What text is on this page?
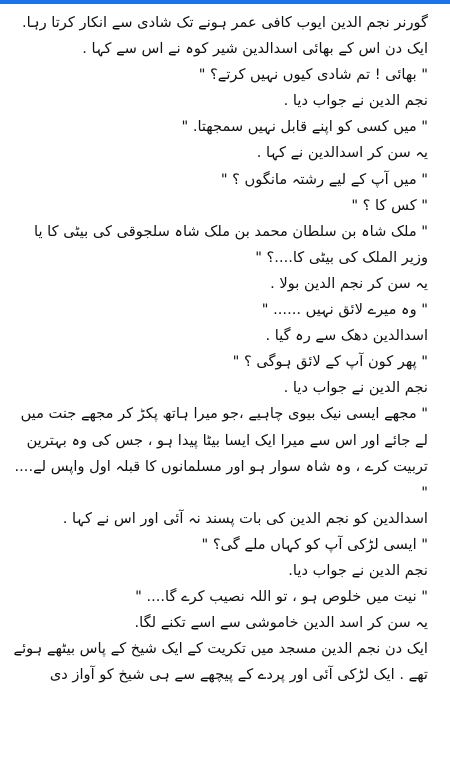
گورنر نجم الدین ایوب کافی عمر ہونے تک شادی سے انکار کرتا رہا.

ایک دن اس کے بھائی اسدالدین شیر کوہ نے اس سے کہا .

" بھائی ! تم شادی کیوں نہیں کرتے؟ "

نجم الدین نے جواب دیا .

" میں کسی کو اپنے قابل نہیں سمجھتا. "

یہ سن کر اسدالدین نے کہا .

" میں آپ کے لیے رشتہ مانگوں ؟ "

" کس کا ؟ "

" ملک شاہ بن سلطان محمد بن ملک شاہ سلجوقی کی بیٹی کا یا وزیر الملک کی بیٹی کا....؟ "

یہ سن کر نجم الدین بولا .

" وہ میرے لائق نہیں ...... "

اسدالدین دھک سے رہ گیا .

" پھر کون آپ کے لائق ہوگی ؟ "

نجم الدین نے جواب دیا .

" مجھے ایسی نیک بیوی چاہیے ،جو میرا ہاتھ پکڑ کر مجھے جنت میں لے جائے اور اس سے میرا ایک ایسا بیٹا پیدا ہو ، جس کی وہ بہترین تربیت کرے ، وہ شاہ سوار ہو اور مسلمانوں کا قبلہ اول واپس لے.... "

اسدالدین کو نجم الدین کی بات پسند نہ آئی اور اس نے کہا .

" ایسی لڑکی آپ کو کہاں ملے گی؟ "

نجم الدین نے جواب دیا.

" نیت میں خلوص ہو ، تو اللہ نصیب کرے گا.... "

یہ سن کر اسد الدین خاموشی سے اسے تکنے لگا.

ایک دن نجم الدین مسجد میں تکریت کے ایک شیخ کے پاس بیٹھے ہوئے تھے . ایک لڑکی آئی اور پردے کے پیچھے سے ہی شیخ کو آواز دی
